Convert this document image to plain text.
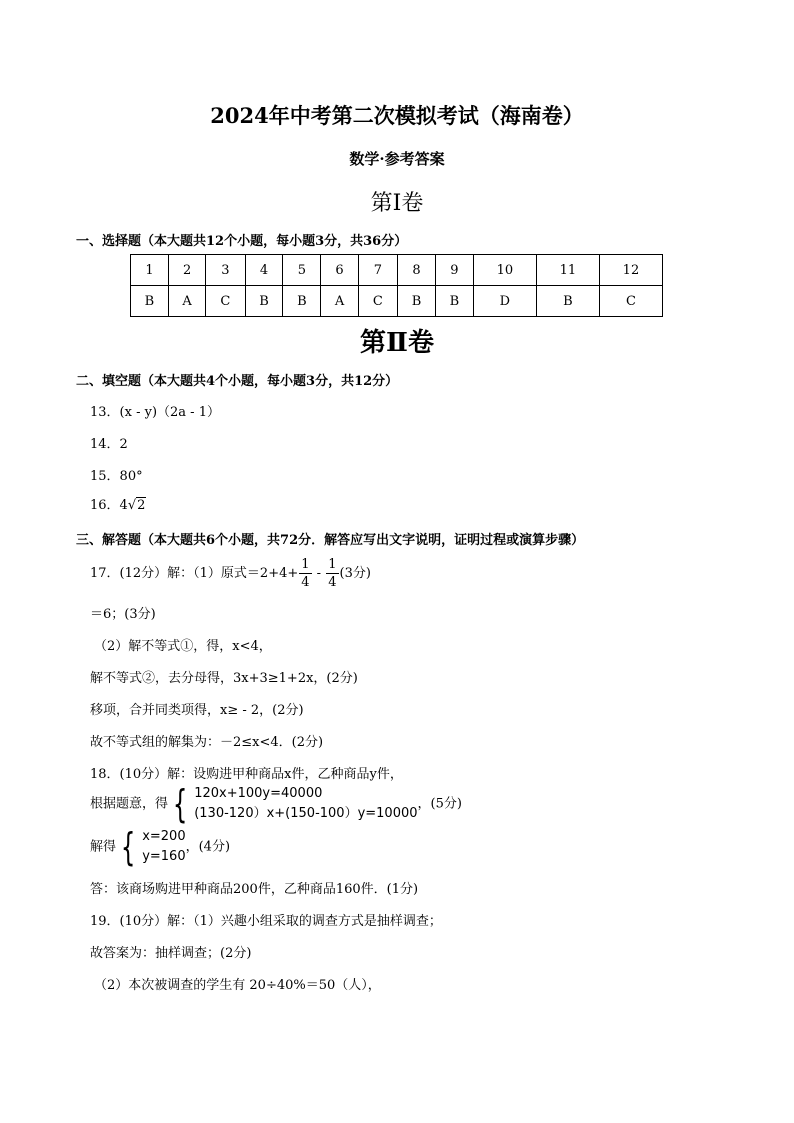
2024年中考第二次模拟考试（海南卷）
数学·参考答案
第Ⅰ卷
一、选择题（本大题共12个小题，每小题3分，共36分）
1	2	3	4	5	6	7	8	9	10	11	12
B	A	C	B	B	A	C	B	B	D	B	C
第Ⅱ卷
二、填空题（本大题共4个小题，每小题3分，共12分）
13．(x - y)（2a - 1）
14．2
15．80°
16．4√2
三、解答题（本大题共6个小题，共72分．解答应写出文字说明，证明过程或演算步骤）
17．(12分）解：（1）原式$=2+4+ \frac{1}{4} - \frac{1}{4} (3$分)
＝6；(3分)
（2）解不等式①，得，x<4，
解不等式②，去分母得，3x+3≥1+2x，(2分)
移项，合并同类项得，x≥ - 2，(2分)
故不等式组的解集为：－2≤x<4．(2分)
18．(10分）解：设购进甲种商品x件，乙种商品y件，
根据题意，得 { 120x+100y=40000
(130-120）x+(150-100）y=10000
，(5分)
解得 { x=200
y=160
，(4分)
答：该商场购进甲种商品200件，乙种商品160件．(1分)
19．(10分）解：（1）兴趣小组采取的调查方式是抽样调查；
故答案为：抽样调查；(2分)
（2）本次被调查的学生有 20÷40%＝50（人），
